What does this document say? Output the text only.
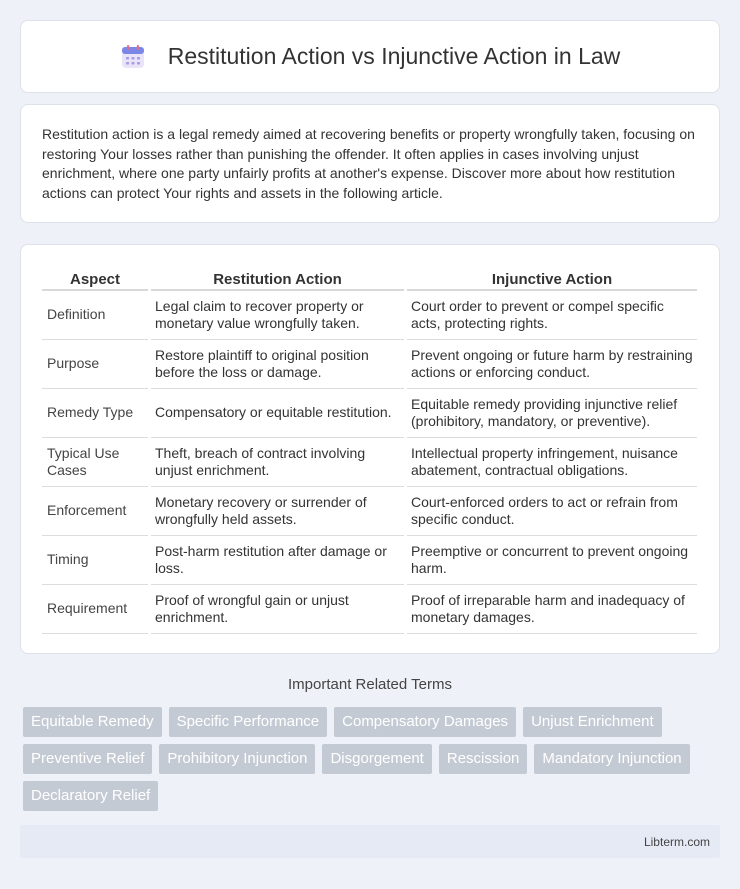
Restitution Action vs Injunctive Action in Law

Restitution action is a legal remedy aimed at recovering benefits or property wrongfully taken, focusing on restoring Your losses rather than punishing the offender. It often applies in cases involving unjust enrichment, where one party unfairly profits at another's expense. Discover more about how restitution actions can protect Your rights and assets in the following article.

Aspect	Restitution Action	Injunctive Action
Definition	Legal claim to recover property or monetary value wrongfully taken.	Court order to prevent or compel specific acts, protecting rights.
Purpose	Restore plaintiff to original position before the loss or damage.	Prevent ongoing or future harm by restraining actions or enforcing conduct.
Remedy Type	Compensatory or equitable restitution.	Equitable remedy providing injunctive relief (prohibitory, mandatory, or preventive).
Typical Use Cases	Theft, breach of contract involving unjust enrichment.	Intellectual property infringement, nuisance abatement, contractual obligations.
Enforcement	Monetary recovery or surrender of wrongfully held assets.	Court-enforced orders to act or refrain from specific conduct.
Timing	Post-harm restitution after damage or loss.	Preemptive or concurrent to prevent ongoing harm.
Requirement	Proof of wrongful gain or unjust enrichment.	Proof of irreparable harm and inadequacy of monetary damages.
Important Related Terms
Equitable Remedy	Specific Performance	Compensatory Damages	Unjust Enrichment
Preventive Relief	Prohibitory Injunction	Disgorgement	Rescission	Mandatory Injunction
Declaratory Relief
Libterm.com
